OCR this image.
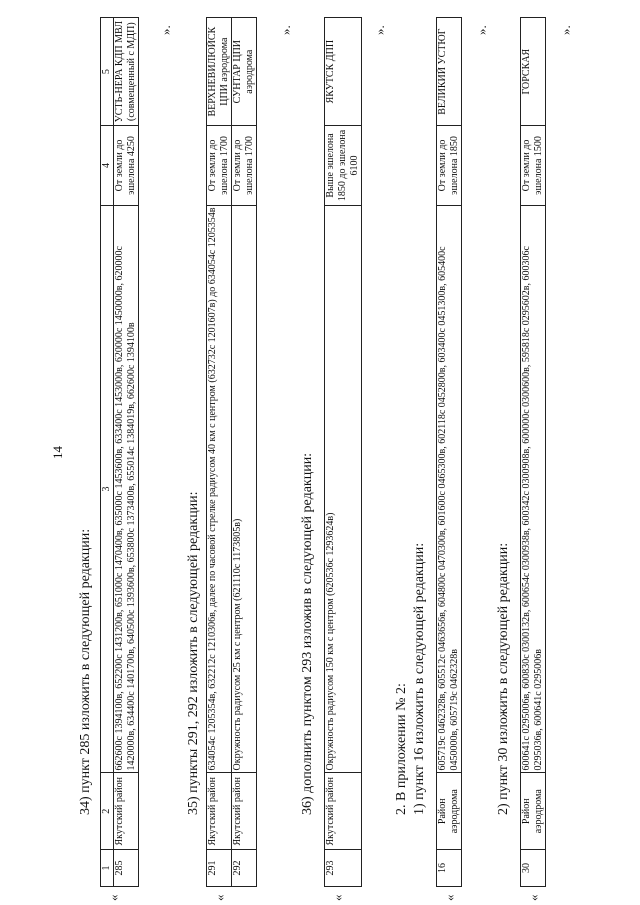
14
34) пункт 285 изложить в следующей редакции:
«
1	2	3	4	5
285	Якутский район	662600с 1394100в, 652200с 1431200в, 651000с 1470400в, 635000с 1453600в, 633400с 1453000в, 620000с 1450000в, 620000с 1420000в, 634400с 1401700в, 640500с 1393600в, 653800с 1373400в, 655014с 1384019в, 662600с 1394100в	От земли до эшелона 4250	УСТЬ-НЕРА КДП МВЛ (совмещенный с МДП) ».
35) пункты 291, 292 изложить в следующей редакции:
«
291	Якутский район	634054с 1205354в, 632212с 1210306в, далее по часовой стрелке радиусом 40 км с центром (632732с 1201607в) до 634054с 1205354в	От земли до эшелона 1700	ВЕРХНЕВИЛЮЙСК ЦПИ аэродрома
292	Якутский район	Окружность радиусом 25 км с центром (621110с 1173805в)	От земли до эшелона 1700	СУНТАР ЦПИ аэродрома
».
36) дополнить пунктом 293 изложив в следующей редакции:
«
293	Якутский район	Окружность радиусом 150 км с центром (620536с 1293624в)	Выше эшелона 1850 до эшелона 6100	ЯКУТСК ДПП
».
2. В приложении № 2: 1) пункт 16 изложить в следующей редакции:
«
16	Район аэродрома	605719с 0462328в, 605512с 0463656в, 604800с 0470300в, 601600с 0465300в, 602118с 0452800в, 603400с 0451300в, 605400с 0450000в, 605719с 0462328в	От земли до эшелона 1850	ВЕЛИКИЙ УСТЮГ ».
2) пункт 30 изложить в следующей редакции:
«
30	Район аэродрома	600641с 0295006в, 600830с 0300132в, 600654с 0300938в, 600342с 0300908в, 600000с 0300600в, 595818с 0295602в, 600306с 0295036в, 600641с 0295006в	От земли до эшелона 1500	ГОРСКАЯ
».
